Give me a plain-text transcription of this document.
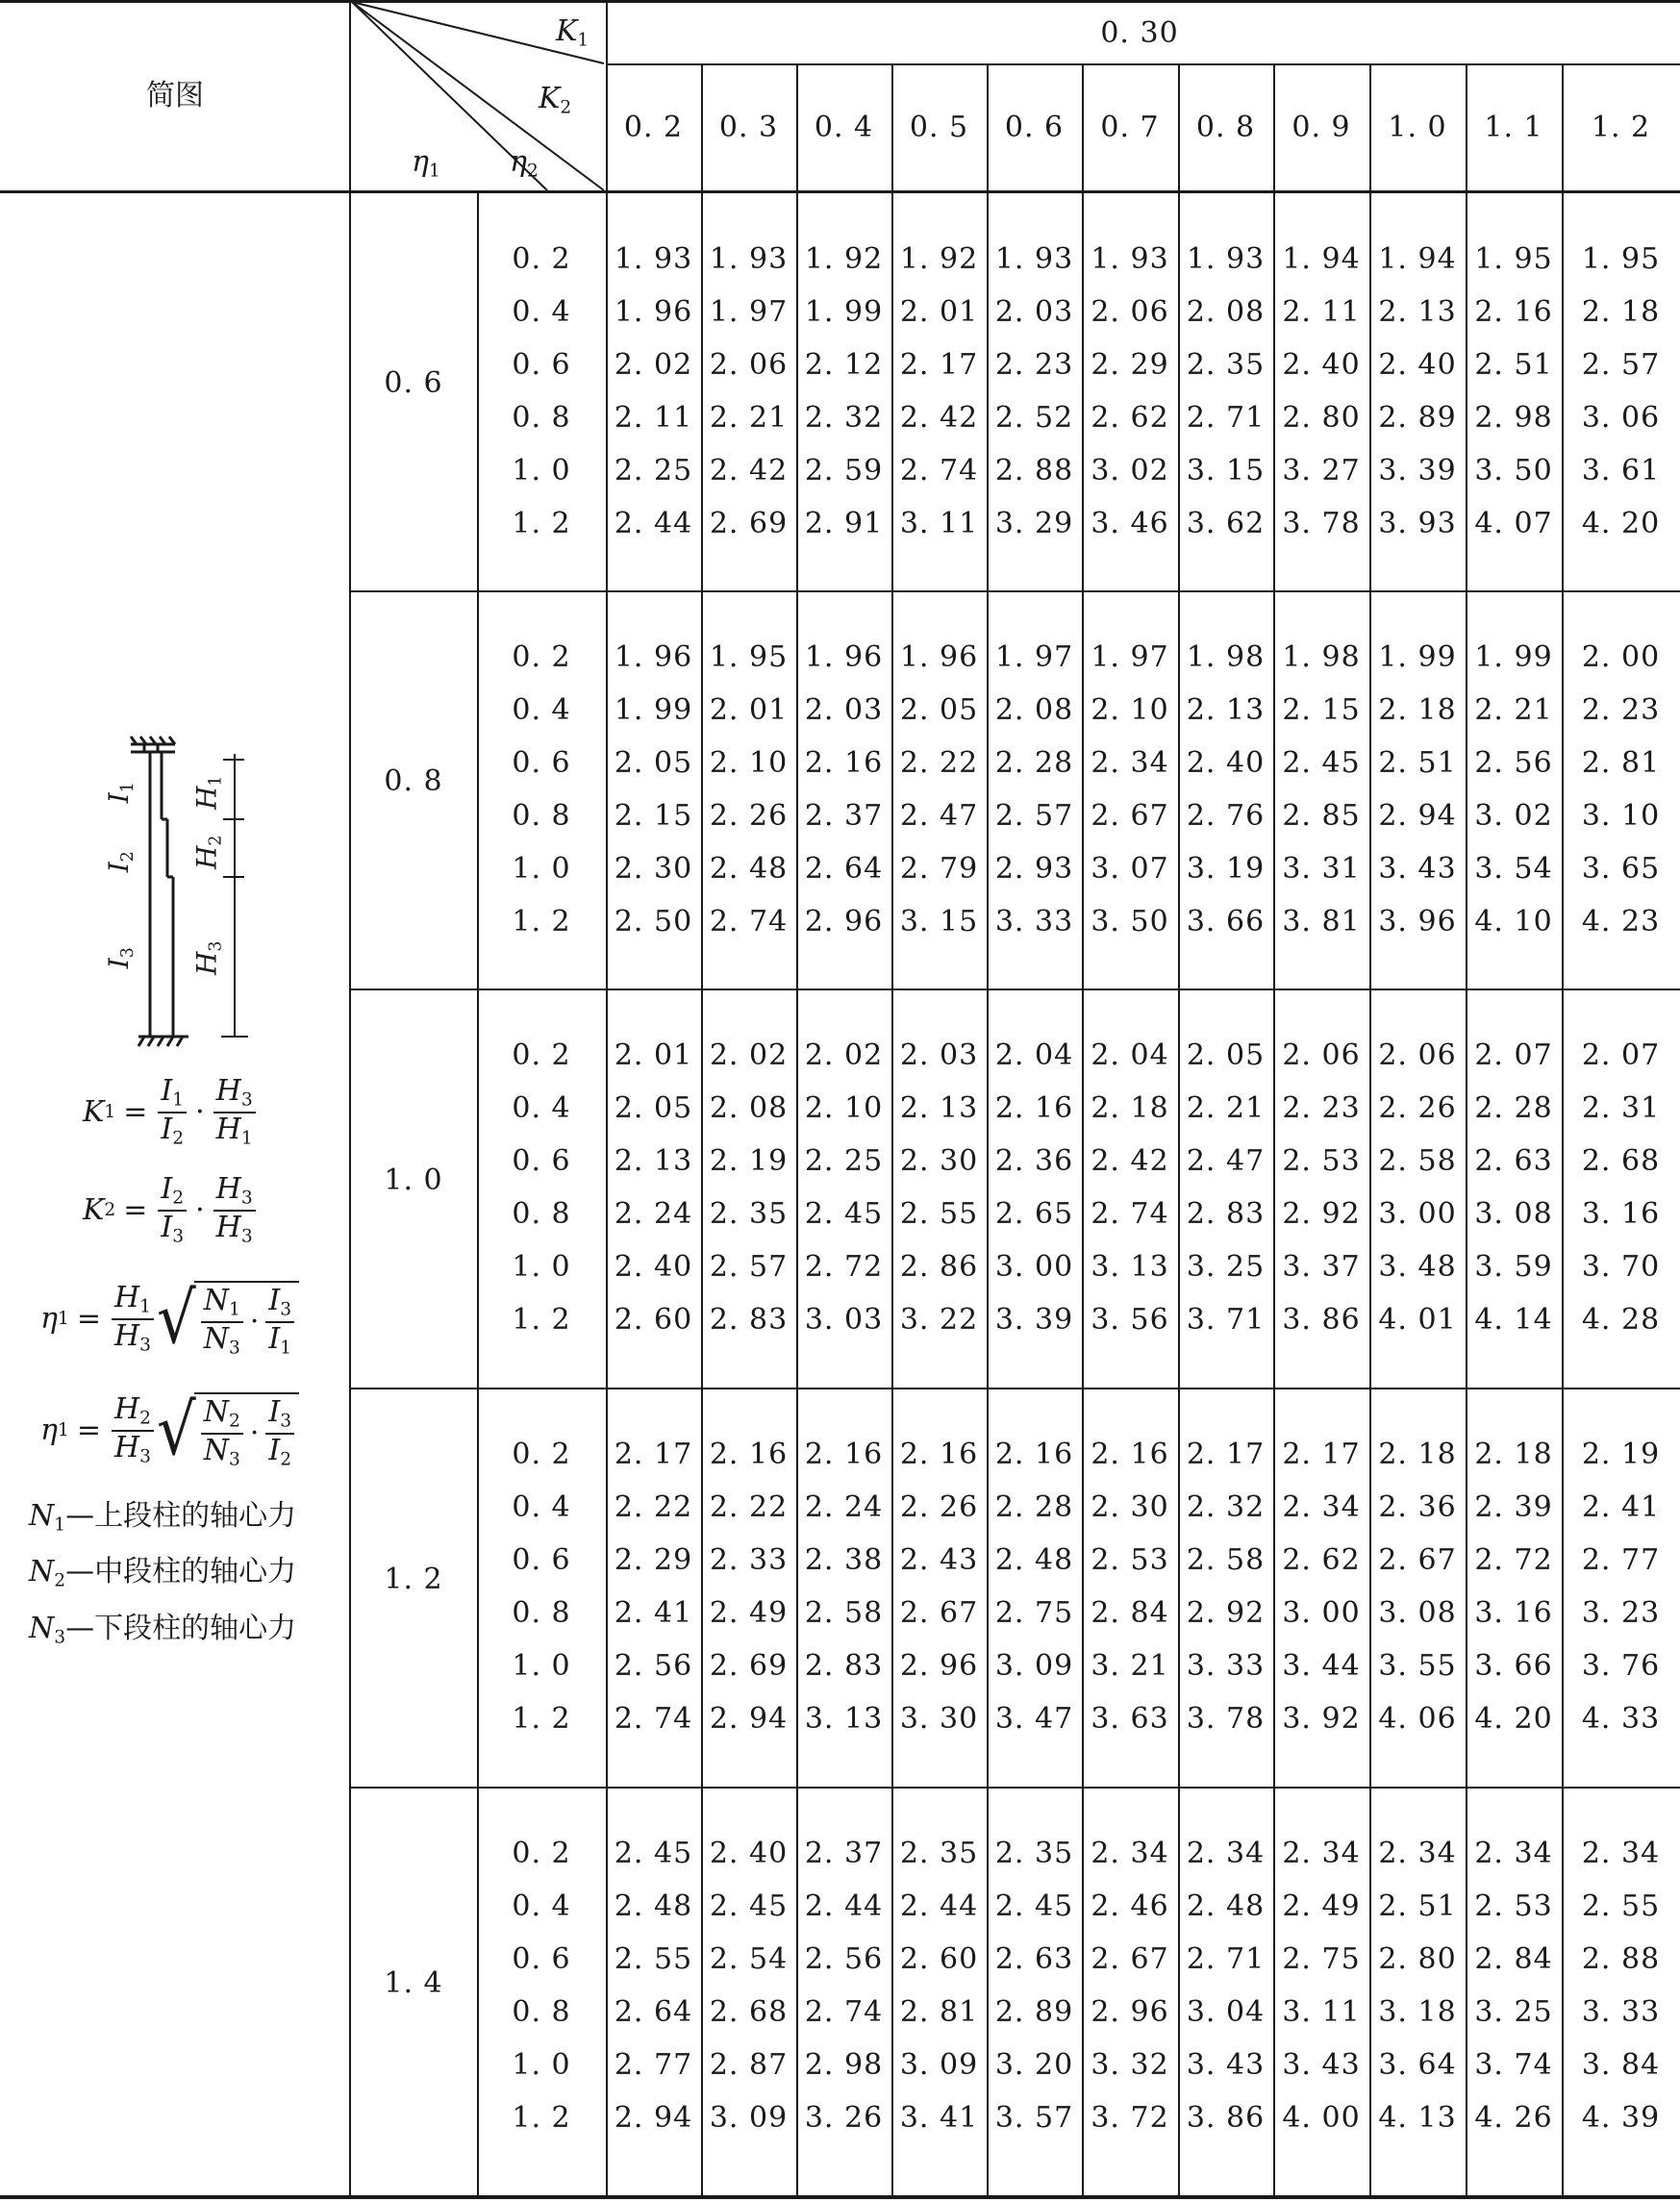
简图
$K_1$
$K_2$
$\eta_1$ $\eta_2$
0. 30
$I_1$
$I_2$
$I_3$
$H_1$
$H_2$
$H_3$
K $1 = \frac{I_1}{I_2} \cdot \frac{H_3}{H_1}$
K $2 = \frac{I_2}{I_3} \cdot \frac{H_3}{H_3}$
η $1 = \frac{H_1}{H_3}$ √ $\frac{N_1}{N_3} \cdot \frac{I_3}{I_1}$
η $1 = \frac{H_2}{H_3}$ √ $\frac{N_2}{N_3} \cdot \frac{I_3}{I_2}$
$N_1—$上段柱的轴心力
$N_2—$中段柱的轴心力
$N_3—$下段柱的轴心力
0. 2 0. 3 0. 4 0. 5 0. 6 0. 7 0. 8 0. 9 1. 0 1. 1 1. 2
0. 6
0. 2
0. 4
0. 6
0. 8
1. 0
1. 2
1. 93 1. 93 1. 92 1. 92 1. 93 1. 93 1. 93 1. 94 1. 94 1. 95 1. 95
1. 96 1. 97 1. 99 2. 01 2. 03 2. 06 2. 08 2. 11 2. 13 2. 16 2. 18
2. 02 2. 06 2. 12 2. 17 2. 23 2. 29 2. 35 2. 40 2. 40 2. 51 2. 57
2. 11 2. 21 2. 32 2. 42 2. 52 2. 62 2. 71 2. 80 2. 89 2. 98 3. 06
2. 25 2. 42 2. 59 2. 74 2. 88 3. 02 3. 15 3. 27 3. 39 3. 50 3. 61
2. 44 2. 69 2. 91 3. 11 3. 29 3. 46 3. 62 3. 78 3. 93 4. 07 4. 20
0. 8
0. 2
0. 4
0. 6
0. 8
1. 0
1. 2
1. 96 1. 95 1. 96 1. 96 1. 97 1. 97 1. 98 1. 98 1. 99 1. 99 2. 00
1. 99 2. 01 2. 03 2. 05 2. 08 2. 10 2. 13 2. 15 2. 18 2. 21 2. 23
2. 05 2. 10 2. 16 2. 22 2. 28 2. 34 2. 40 2. 45 2. 51 2. 56 2. 81
2. 15 2. 26 2. 37 2. 47 2. 57 2. 67 2. 76 2. 85 2. 94 3. 02 3. 10
2. 30 2. 48 2. 64 2. 79 2. 93 3. 07 3. 19 3. 31 3. 43 3. 54 3. 65
2. 50 2. 74 2. 96 3. 15 3. 33 3. 50 3. 66 3. 81 3. 96 4. 10 4. 23
1. 0
0. 2
0. 4
0. 6
0. 8
1. 0
1. 2
2. 01 2. 02 2. 02 2. 03 2. 04 2. 04 2. 05 2. 06 2. 06 2. 07 2. 07
2. 05 2. 08 2. 10 2. 13 2. 16 2. 18 2. 21 2. 23 2. 26 2. 28 2. 31
2. 13 2. 19 2. 25 2. 30 2. 36 2. 42 2. 47 2. 53 2. 58 2. 63 2. 68
2. 24 2. 35 2. 45 2. 55 2. 65 2. 74 2. 83 2. 92 3. 00 3. 08 3. 16
2. 40 2. 57 2. 72 2. 86 3. 00 3. 13 3. 25 3. 37 3. 48 3. 59 3. 70
2. 60 2. 83 3. 03 3. 22 3. 39 3. 56 3. 71 3. 86 4. 01 4. 14 4. 28
1. 2
0. 2
0. 4
0. 6
0. 8
1. 0
1. 2
2. 17 2. 16 2. 16 2. 16 2. 16 2. 16 2. 17 2. 17 2. 18 2. 18 2. 19
2. 22 2. 22 2. 24 2. 26 2. 28 2. 30 2. 32 2. 34 2. 36 2. 39 2. 41
2. 29 2. 33 2. 38 2. 43 2. 48 2. 53 2. 58 2. 62 2. 67 2. 72 2. 77
2. 41 2. 49 2. 58 2. 67 2. 75 2. 84 2. 92 3. 00 3. 08 3. 16 3. 23
2. 56 2. 69 2. 83 2. 96 3. 09 3. 21 3. 33 3. 44 3. 55 3. 66 3. 76
2. 74 2. 94 3. 13 3. 30 3. 47 3. 63 3. 78 3. 92 4. 06 4. 20 4. 33
1. 4
0. 2
0. 4
0. 6
0. 8
1. 0
1. 2
2. 45 2. 40 2. 37 2. 35 2. 35 2. 34 2. 34 2. 34 2. 34 2. 34 2. 34
2. 48 2. 45 2. 44 2. 44 2. 45 2. 46 2. 48 2. 49 2. 51 2. 53 2. 55
2. 55 2. 54 2. 56 2. 60 2. 63 2. 67 2. 71 2. 75 2. 80 2. 84 2. 88
2. 64 2. 68 2. 74 2. 81 2. 89 2. 96 3. 04 3. 11 3. 18 3. 25 3. 33
2. 77 2. 87 2. 98 3. 09 3. 20 3. 32 3. 43 3. 43 3. 64 3. 74 3. 84
2. 94 3. 09 3. 26 3. 41 3. 57 3. 72 3. 86 4. 00 4. 13 4. 26 4. 39
